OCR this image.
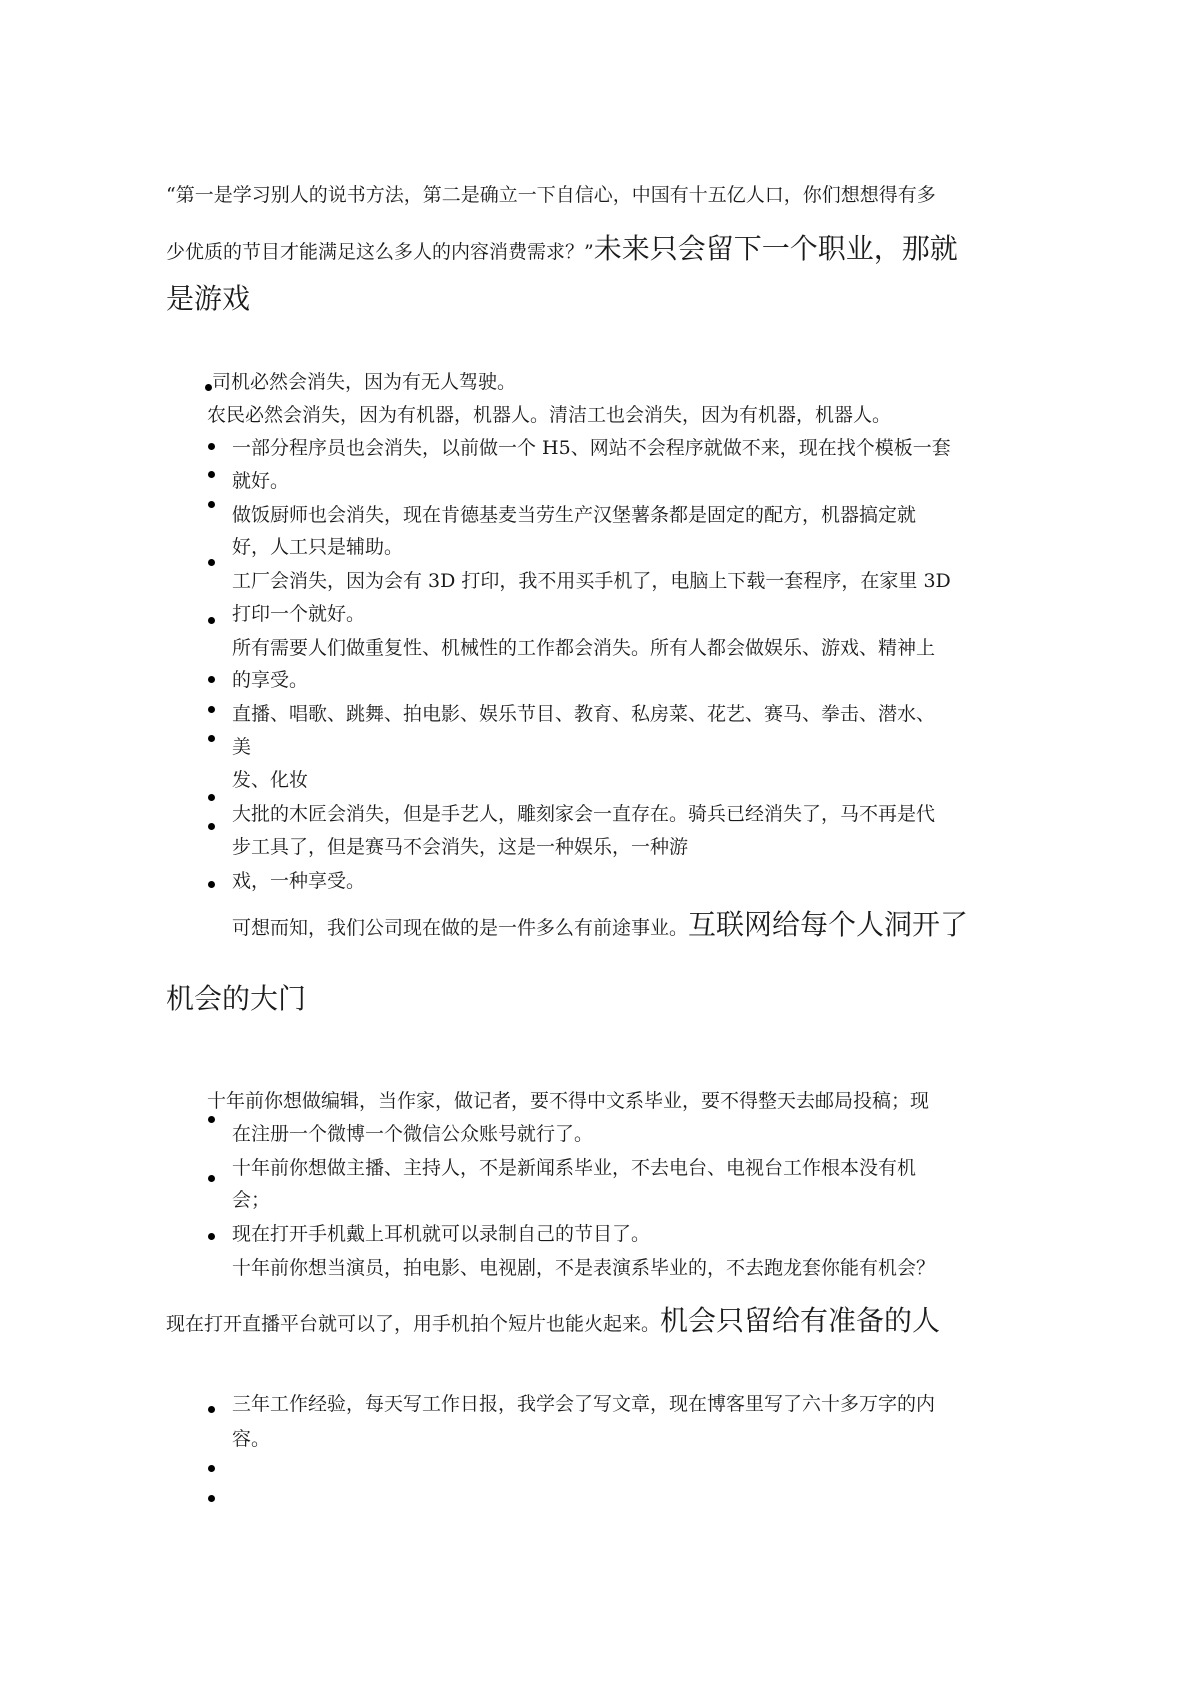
“第一是学习别人的说书方法，第二是确立一下自信心，中国有十五亿人口，你们想想得有多
少优质的节目才能满足这么多人的内容消费需求？”未来只会留下一个职业，那就
是游戏
司机必然会消失，因为有无人驾驶。
农民必然会消失，因为有机器，机器人。清洁工也会消失，因为有机器，机器人。
一部分程序员也会消失，以前做一个 H5、网站不会程序就做不来，现在找个模板一套
就好。
做饭厨师也会消失，现在肯德基麦当劳生产汉堡薯条都是固定的配方，机器搞定就
好，人工只是辅助。
工厂会消失，因为会有 3D 打印，我不用买手机了，电脑上下载一套程序，在家里 3D
打印一个就好。
所有需要人们做重复性、机械性的工作都会消失。所有人都会做娱乐、游戏、精神上
的享受。
直播、唱歌、跳舞、拍电影、娱乐节目、教育、私房菜、花艺、赛马、拳击、潜水、
美
发、化妆
大批的木匠会消失，但是手艺人，雕刻家会一直存在。骑兵已经消失了，马不再是代
步工具了，但是赛马不会消失，这是一种娱乐，一种游
戏，一种享受。
可想而知，我们公司现在做的是一件多么有前途事业。互联网给每个人洞开了
机会的大门
十年前你想做编辑，当作家，做记者，要不得中文系毕业，要不得整天去邮局投稿；现
在注册一个微博一个微信公众账号就行了。
十年前你想做主播、主持人，不是新闻系毕业，不去电台、电视台工作根本没有机
会；
现在打开手机戴上耳机就可以录制自己的节目了。
十年前你想当演员，拍电影、电视剧，不是表演系毕业的，不去跑龙套你能有机会？
现在打开直播平台就可以了，用手机拍个短片也能火起来。机会只留给有准备的人
三年工作经验，每天写工作日报，我学会了写文章，现在博客里写了六十多万字的内
容。
